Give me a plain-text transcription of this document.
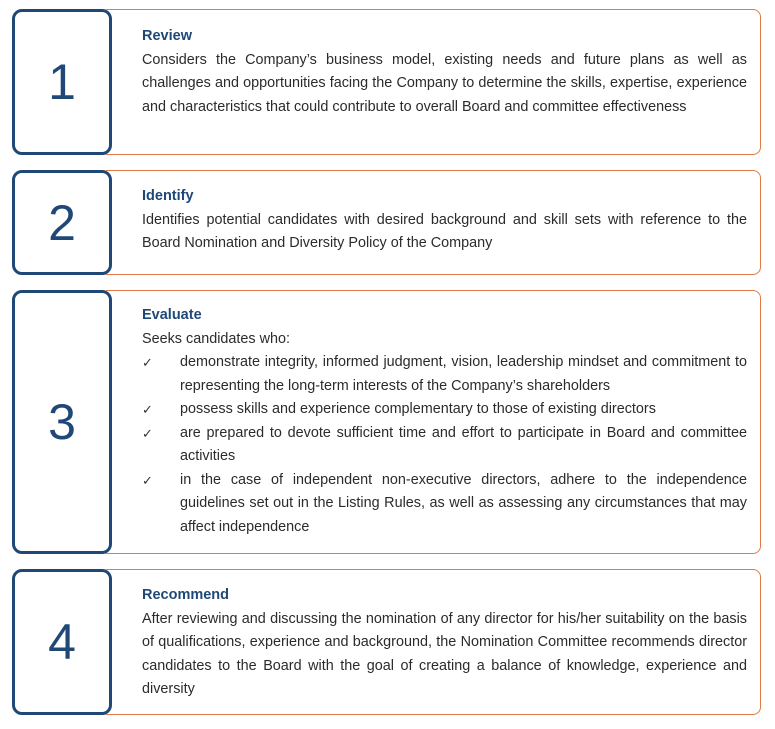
1
Review
Considers the Company’s business model, existing needs and future plans as well as challenges and opportunities facing the Company to determine the skills, expertise, experience and characteristics that could contribute to overall Board and committee effectiveness
2	Identify
Identifies potential candidates with desired background and skill sets with reference to the Board Nomination and Diversity Policy of the Company
3
Evaluate
Seeks candidates who:
✓ demonstrate integrity, informed judgment, vision, leadership mindset and commitment to representing the long-term interests of the Company’s shareholders
✓ possess skills and experience complementary to those of existing directors
✓ are prepared to devote sufficient time and effort to participate in Board and committee activities
✓ in the case of independent non-executive directors, adhere to the independence guidelines set out in the Listing Rules, as well as assessing any circumstances that may affect independence
4
Recommend
After reviewing and discussing the nomination of any director for his/her suitability on the basis of qualifications, experience and background, the Nomination Committee recommends director candidates to the Board with the goal of creating a balance of knowledge, experience and diversity
